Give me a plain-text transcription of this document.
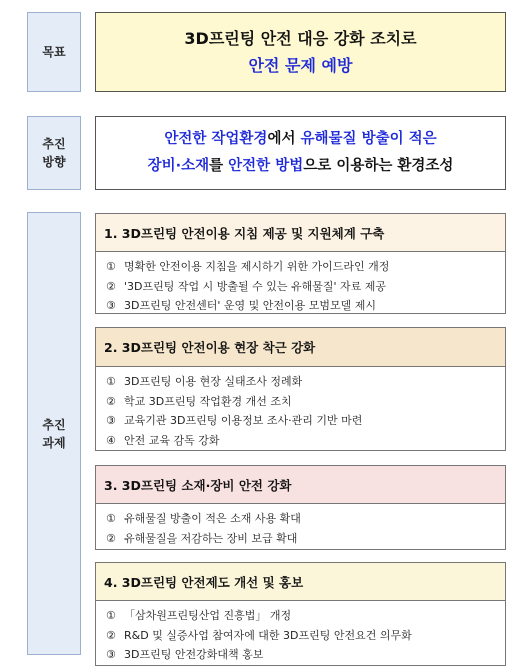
목표
추진
방향
추진
과제
3D프린팅 안전 대응 강화 조치로
안전 문제 예방
안전한 작업환경에서 유해물질 방출이 적은
장비·소재를 안전한 방법으로 이용하는 환경조성
1. 3D프린팅 안전이용 지침 제공 및 지원체계 구축
① 명확한 안전이용 지침을 제시하기 위한 가이드라인 개정
② '3D프린팅 작업 시 방출될 수 있는 유해물질' 자료 제공
③ 3D프린팅 안전센터' 운영 및 안전이용 모범모델 제시
2. 3D프린팅 안전이용 현장 착근 강화
① 3D프린팅 이용 현장 실태조사 정례화
② 학교 3D프린팅 작업환경 개선 조치
③ 교육기관 3D프린팅 이용정보 조사·관리 기반 마련
④ 안전 교육 감독 강화
3. 3D프린팅 소재·장비 안전 강화
① 유해물질 방출이 적은 소재 사용 확대
② 유해물질을 저감하는 장비 보급 확대
4. 3D프린팅 안전제도 개선 및 홍보
① 「삼차원프린팅산업 진흥법」 개정
② R&D 및 실증사업 참여자에 대한 3D프린팅 안전요건 의무화
③ 3D프린팅 안전강화대책 홍보
